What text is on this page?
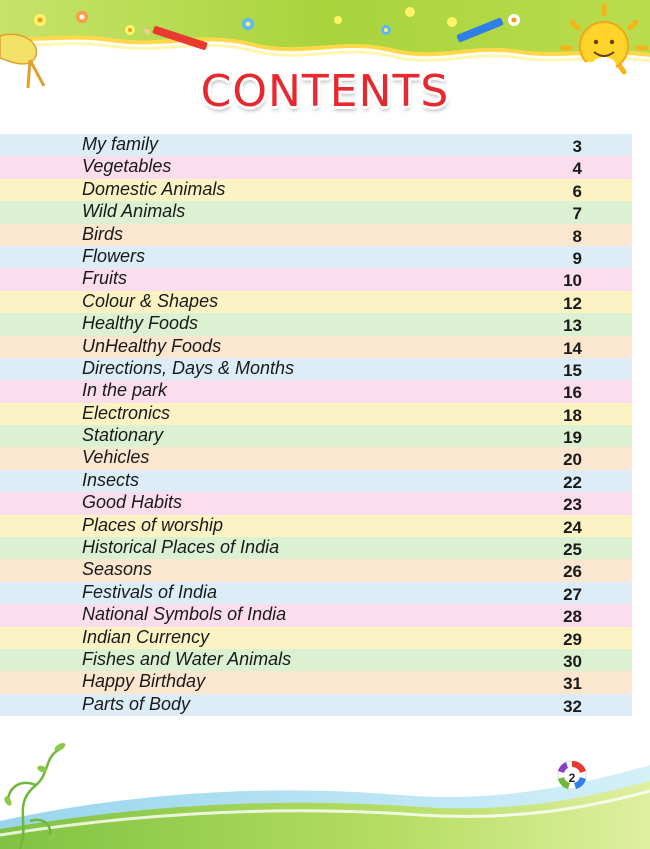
CONTENTS
My family	3
Vegetables	4
Domestic Animals	6
Wild Animals	7
Birds	8
Flowers	9
Fruits	10
Colour & Shapes	12
Healthy Foods	13
UnHealthy Foods	14
Directions, Days & Months	15
In the park	16
Electronics	18
Stationary	19
Vehicles	20
Insects	22
Good Habits	23
Places of worship	24
Historical Places of India	25
Seasons	26
Festivals of India	27
National Symbols of India	28
Indian Currency	29
Fishes and Water Animals	30
Happy Birthday	31
Parts of Body	32
2
